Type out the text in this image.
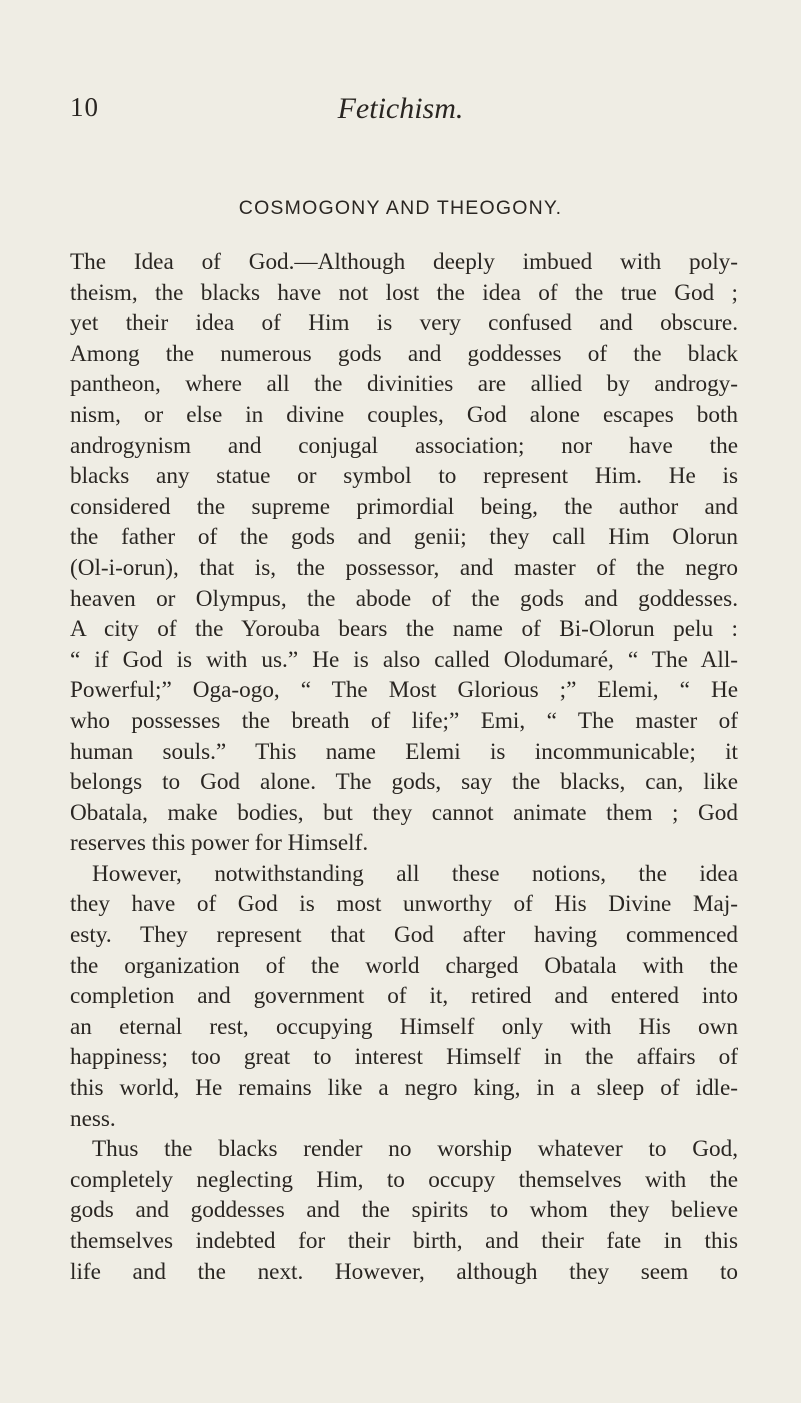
10	Fetichism.
COSMOGONY AND THEOGONY.
The Idea of God.—Although deeply imbued with poly-
theism, the blacks have not lost the idea of the true God ;
yet their idea of Him is very confused and obscure.
Among the numerous gods and goddesses of the black
pantheon, where all the divinities are allied by androgy-
nism, or else in divine couples, God alone escapes both
androgynism and conjugal association; nor have the
blacks any statue or symbol to represent Him. He is
considered the supreme primordial being, the author and
the father of the gods and genii; they call Him Olorun
(Ol-i-orun), that is, the possessor, and master of the negro
heaven or Olympus, the abode of the gods and goddesses.
A city of the Yorouba bears the name of Bi-Olorun pelu :
“ if God is with us.” He is also called Olodumaré, “ The All-
Powerful;” Oga-ogo, “ The Most Glorious ;” Elemi, “ He
who possesses the breath of life;” Emi, “ The master of
human souls.” This name Elemi is incommunicable; it
belongs to God alone. The gods, say the blacks, can, like
Obatala, make bodies, but they cannot animate them ; God
reserves this power for Himself.
However, notwithstanding all these notions, the idea
they have of God is most unworthy of His Divine Maj-
esty. They represent that God after having commenced
the organization of the world charged Obatala with the
completion and government of it, retired and entered into
an eternal rest, occupying Himself only with His own
happiness; too great to interest Himself in the affairs of
this world, He remains like a negro king, in a sleep of idle-
ness.
Thus the blacks render no worship whatever to God,
completely neglecting Him, to occupy themselves with the
gods and goddesses and the spirits to whom they believe
themselves indebted for their birth, and their fate in this
life and the next. However, although they seem to
